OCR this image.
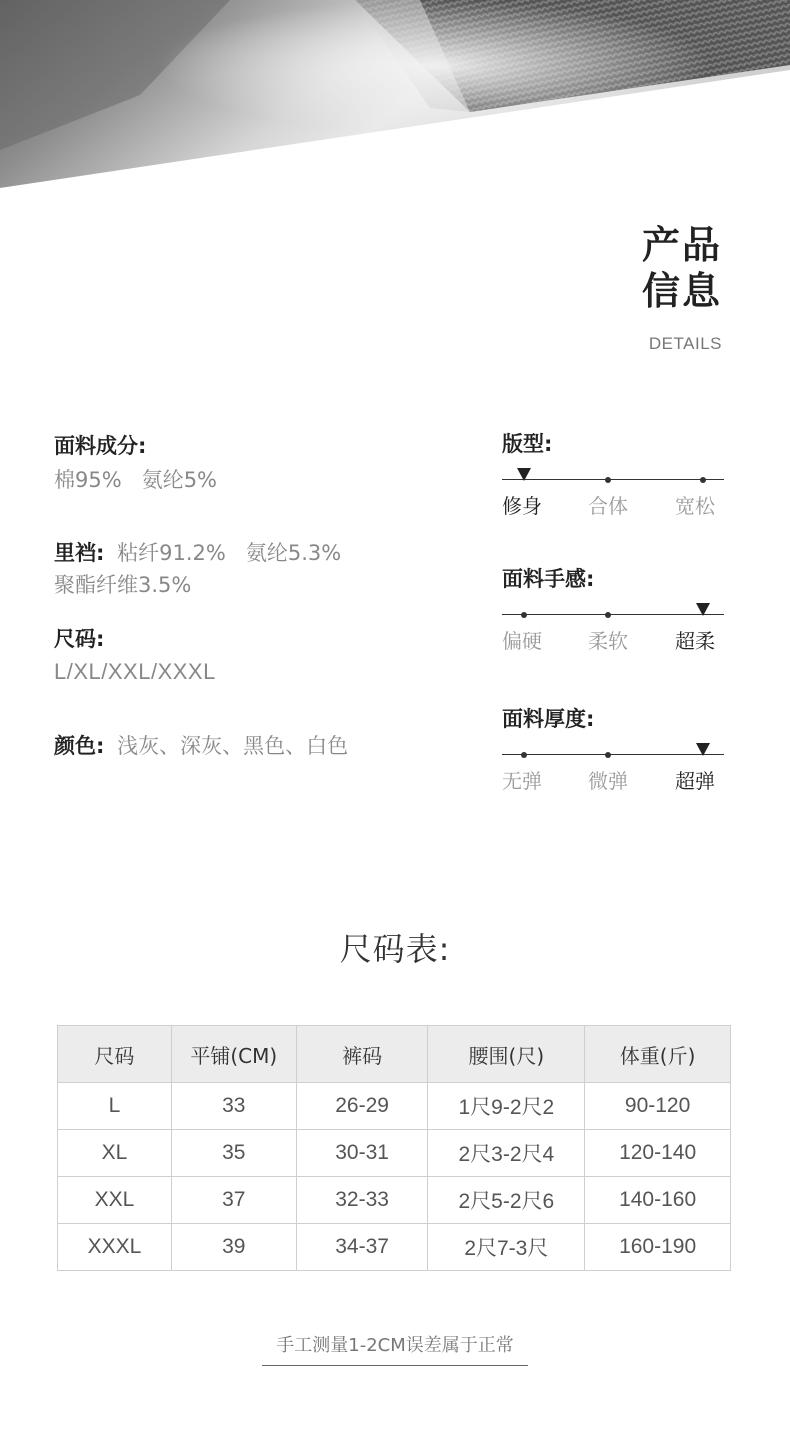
产品
信息
DETAILS
面料成分:
棉95%   氨纶5%
里裆: 粘纤91.2%   氨纶5.3%
聚酯纤维3.5%
尺码:
L/XL/XXL/XXXL
颜色: 浅灰、深灰、黑色、白色
版型:
修身 合体 宽松
面料手感:
偏硬 柔软 超柔
面料厚度:
无弹 微弹 超弹
尺码表:
尺码	平铺(CM)	裤码	腰围(尺)	体重(斤)
L	33	26-29	1尺9-2尺2	90-120
XL	35	30-31	2尺3-2尺4	120-140
XXL	37	32-33	2尺5-2尺6	140-160
XXXL	39	34-37	2尺7-3尺	160-190
手工测量1-2CM误差属于正常
